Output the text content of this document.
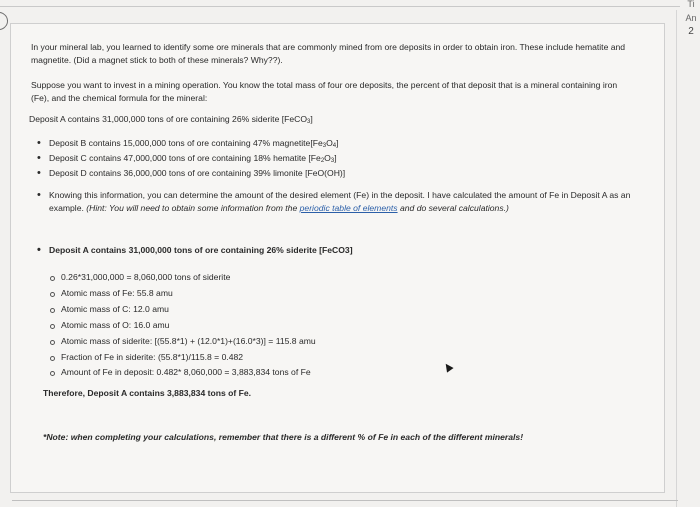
Ti
An
2
In your mineral lab, you learned to identify some ore minerals that are commonly mined from ore deposits in order to obtain iron. These include hematite and magnetite. (Did a magnet stick to both of these minerals? Why??).
Suppose you want to invest in a mining operation. You know the total mass of four ore deposits, the percent of that deposit that is a mineral containing iron (Fe), and the chemical formula for the mineral:
Deposit A contains 31,000,000 tons of ore containing 26% siderite [FeCO$_3$]
• Deposit B contains 15,000,000 tons of ore containing 47% $magnetite[Fe_3O_4]$
• Deposit C contains 47,000,000 tons of ore containing 18% hematite $[Fe_2O_3]$
• Deposit D contains 36,000,000 tons of ore containing 39% limonite [FeO(OH)]
• Knowing this information, you can determine the amount of the desired element (Fe) in the deposit. I have calculated the amount of Fe in Deposit A as an example. (Hint: You will need to obtain some information from the periodic table of elements and do several calculations.)
• Deposit A contains 31,000,000 tons of ore containing 26% siderite [FeCO3]
0.26*31,000,000 = 8,060,000 tons of siderite
Atomic mass of Fe: 55.8 amu
Atomic mass of C: 12.0 amu
Atomic mass of O: 16.0 amu
Atomic mass of siderite: [(55.8*1) + (12.0*1)+(16.0*3)] = 115.8 amu
Fraction of Fe in siderite: (55.8*1)/115.8 = 0.482
Amount of Fe in deposit: 0.482* 8,060,000 = 3,883,834 tons of Fe
Therefore, Deposit A contains 3,883,834 tons of Fe.
*Note: when completing your calculations, remember that there is a different % of Fe in each of the different minerals!
